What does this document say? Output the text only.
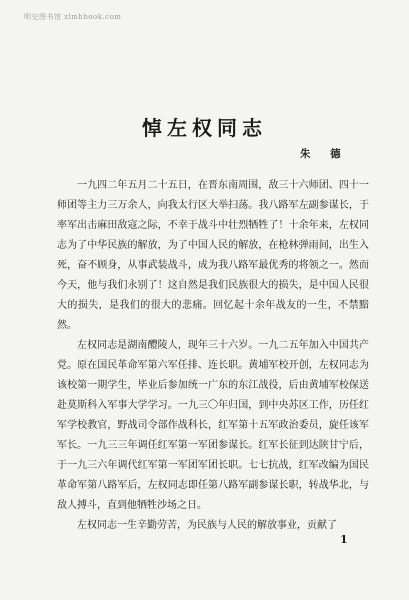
明史图书馆 zlmhbook.com
悼左权同志
朱 德

一九四二年五月二十五日，在晋东南周围，敌三十六师团、四十一师团等主力三万余人，向我太行区大举扫荡。我八路军左副参谋长，于率军出击麻田敌寇之际，不幸于战斗中壮烈牺牲了！十余年来，左权同志为了中华民族的解放，为了中国人民的解放，在枪林弹雨间，出生入死，奋不顾身，从事武装战斗，成为我八路军最优秀的将领之一。然而今天，他与我们永别了！这自然是我们民族很大的损失，是中国人民很大的损失，是我们的很大的悲痛。回忆起十余年战友的一生，不禁黯然。

左权同志是湖南醴陵人，现年三十六岁。一九二五年加入中国共产党。原在国民革命军第六军任排、连长职。黄埔军校开创，左权同志为该校第一期学生，毕业后参加统一广东的东江战役，后由黄埔军校保送赴莫斯科入军事大学学习。一九三〇年归国，到中央苏区工作，历任红军学校教官，野战司令部作战科长，红军第十五军政治委员，旋任该军军长。一九三三年调任红军第一军团参谋长。红军长征到达陕甘宁后，于一九三六年调代红军第一军团军团长职。七七抗战，红军改编为国民革命军第八路军后，左权同志即任第八路军副参谋长职，转战华北，与敌人搏斗，直到他牺牲沙场之日。

左权同志一生辛勤劳苦，为民族与人民的解放事业，贡献了

1
